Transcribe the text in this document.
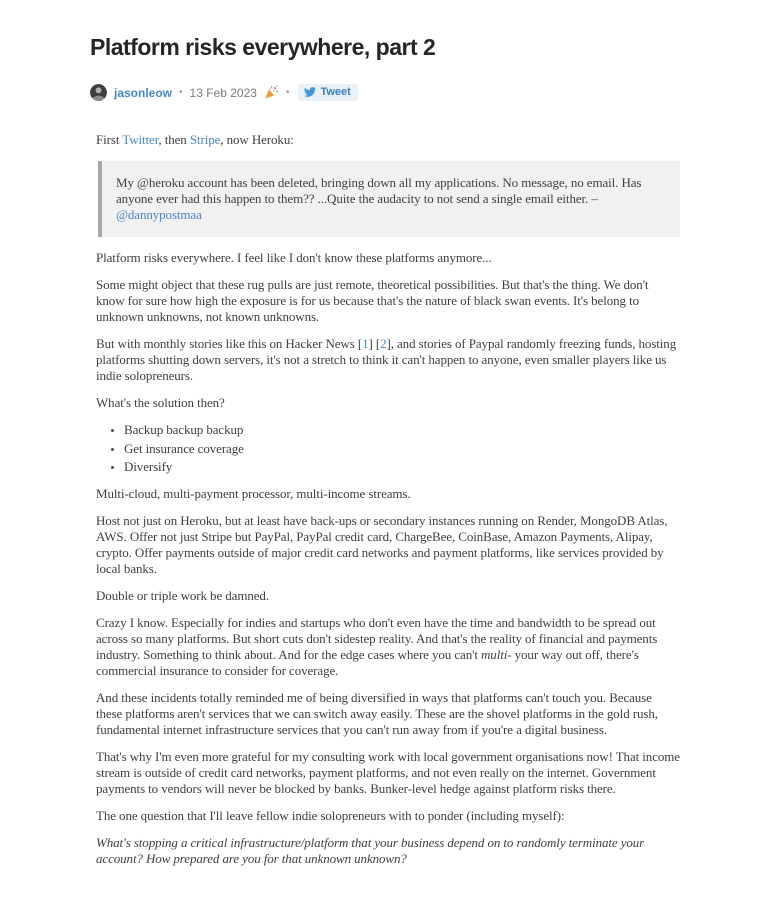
Platform risks everywhere, part 2
jasonleow • 13 Feb 2023	•	Tweet

First Twitter, then Stripe, now Heroku:

My @heroku account has been deleted, bringing down all my applications. No message, no email. Has anyone ever had this happen to them?? ...Quite the audacity to not send a single email either. – @dannypostmaa

Platform risks everywhere. I feel like I don't know these platforms anymore...

Some might object that these rug pulls are just remote, theoretical possibilities. But that's the thing. We don't know for sure how high the exposure is for us because that's the nature of black swan events. It's belong to unknown unknowns, not known unknowns.

But with monthly stories like this on Hacker News [1] [2], and stories of Paypal randomly freezing funds, hosting platforms shutting down servers, it's not a stretch to think it can't happen to anyone, even smaller players like us indie solopreneurs.

What's the solution then?

• Backup backup backup
• Get insurance coverage
• Diversify

Multi-cloud, multi-payment processor, multi-income streams.

Host not just on Heroku, but at least have back-ups or secondary instances running on Render, MongoDB Atlas, AWS. Offer not just Stripe but PayPal, PayPal credit card, ChargeBee, CoinBase, Amazon Payments, Alipay, crypto. Offer payments outside of major credit card networks and payment platforms, like services provided by local banks.

Double or triple work be damned.

Crazy I know. Especially for indies and startups who don't even have the time and bandwidth to be spread out across so many platforms. But short cuts don't sidestep reality. And that's the reality of financial and payments industry. Something to think about. And for the edge cases where you can't multi- your way out off, there's commercial insurance to consider for coverage.

And these incidents totally reminded me of being diversified in ways that platforms can't touch you. Because these platforms aren't services that we can switch away easily. These are the shovel platforms in the gold rush, fundamental internet infrastructure services that you can't run away from if you're a digital business.

That's why I'm even more grateful for my consulting work with local government organisations now! That income stream is outside of credit card networks, payment platforms, and not even really on the internet. Government payments to vendors will never be blocked by banks. Bunker-level hedge against platform risks there.

The one question that I'll leave fellow indie solopreneurs with to ponder (including myself):

What's stopping a critical infrastructure/platform that your business depend on to randomly terminate your account? How prepared are you for that unknown unknown?
